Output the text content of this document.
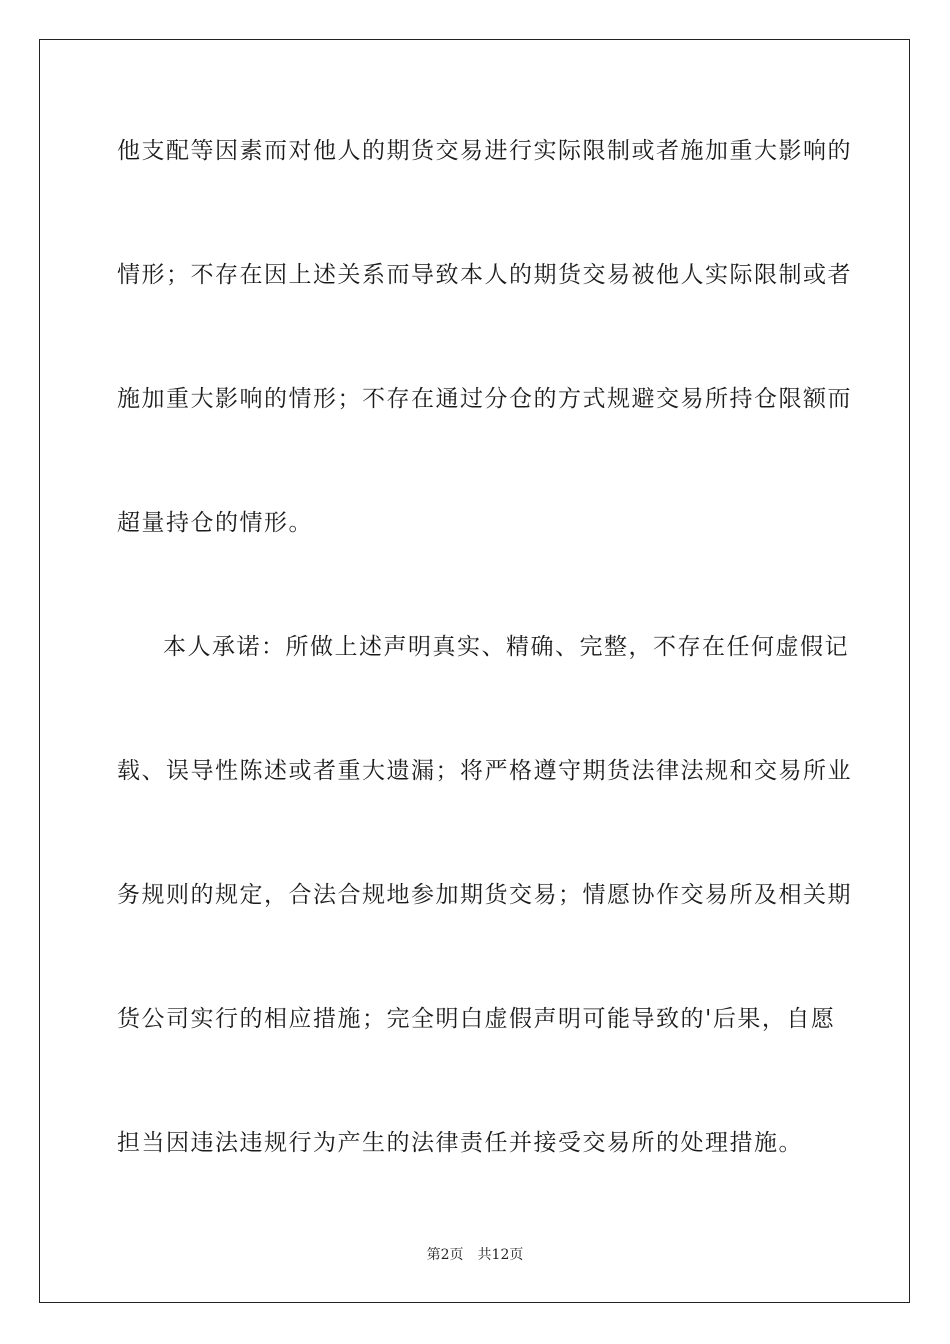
他支配等因素而对他人的期货交易进行实际限制或者施加重大影响的
情形；不存在因上述关系而导致本人的期货交易被他人实际限制或者
施加重大影响的情形；不存在通过分仓的方式规避交易所持仓限额而
超量持仓的情形。
本人承诺：所做上述声明真实、精确、完整，不存在任何虚假记
载、误导性陈述或者重大遗漏；将严格遵守期货法律法规和交易所业
务规则的规定，合法合规地参加期货交易；情愿协作交易所及相关期
货公司实行的相应措施；完全明白虚假声明可能导致的'后果，自愿
担当因违法违规行为产生的法律责任并接受交易所的处理措施。
第2页 共12页
